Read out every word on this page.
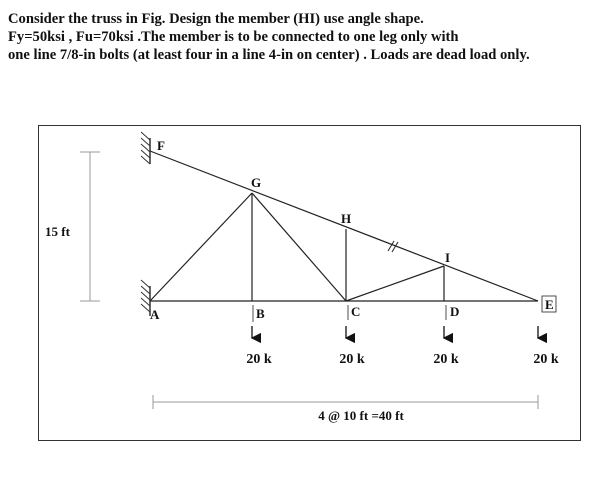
Consider the truss in Fig. Design the member (HI) use angle shape.

Fy=50ksi , Fu=70ksi .The member is to be connected to one leg only with

one line 7/8-in bolts (at least four in a line 4-in on center) . Loads are dead load only.

F
G
H
I
E
A	B	C	D
20 k	20 k	20 k	20 k
15 ft
4 @ 10 ft =40 ft
